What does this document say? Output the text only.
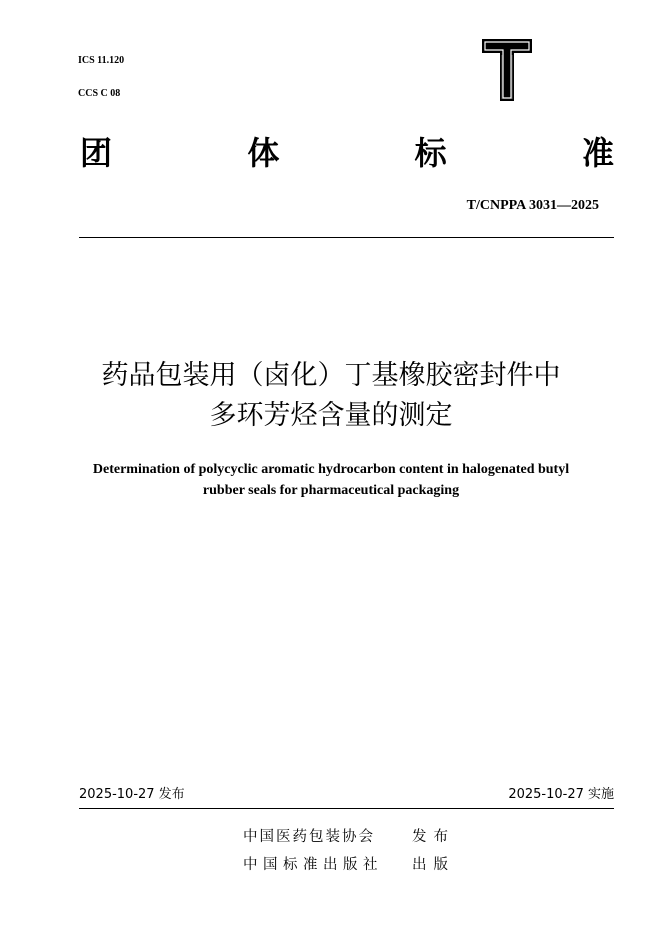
ICS 11.120

CCS C 08

团	体	标	准
T/CNPPA 3031—2025
药品包装用（卤化）丁基橡胶密封件中
多环芳烃含量的测定
Determination of polycyclic aromatic hydrocarbon content in halogenated butyl
rubber seals for pharmaceutical packaging
2025-10-27 发布	2025-10-27 实施
中国医药包装协会	发布
中国标准出版社 出版
